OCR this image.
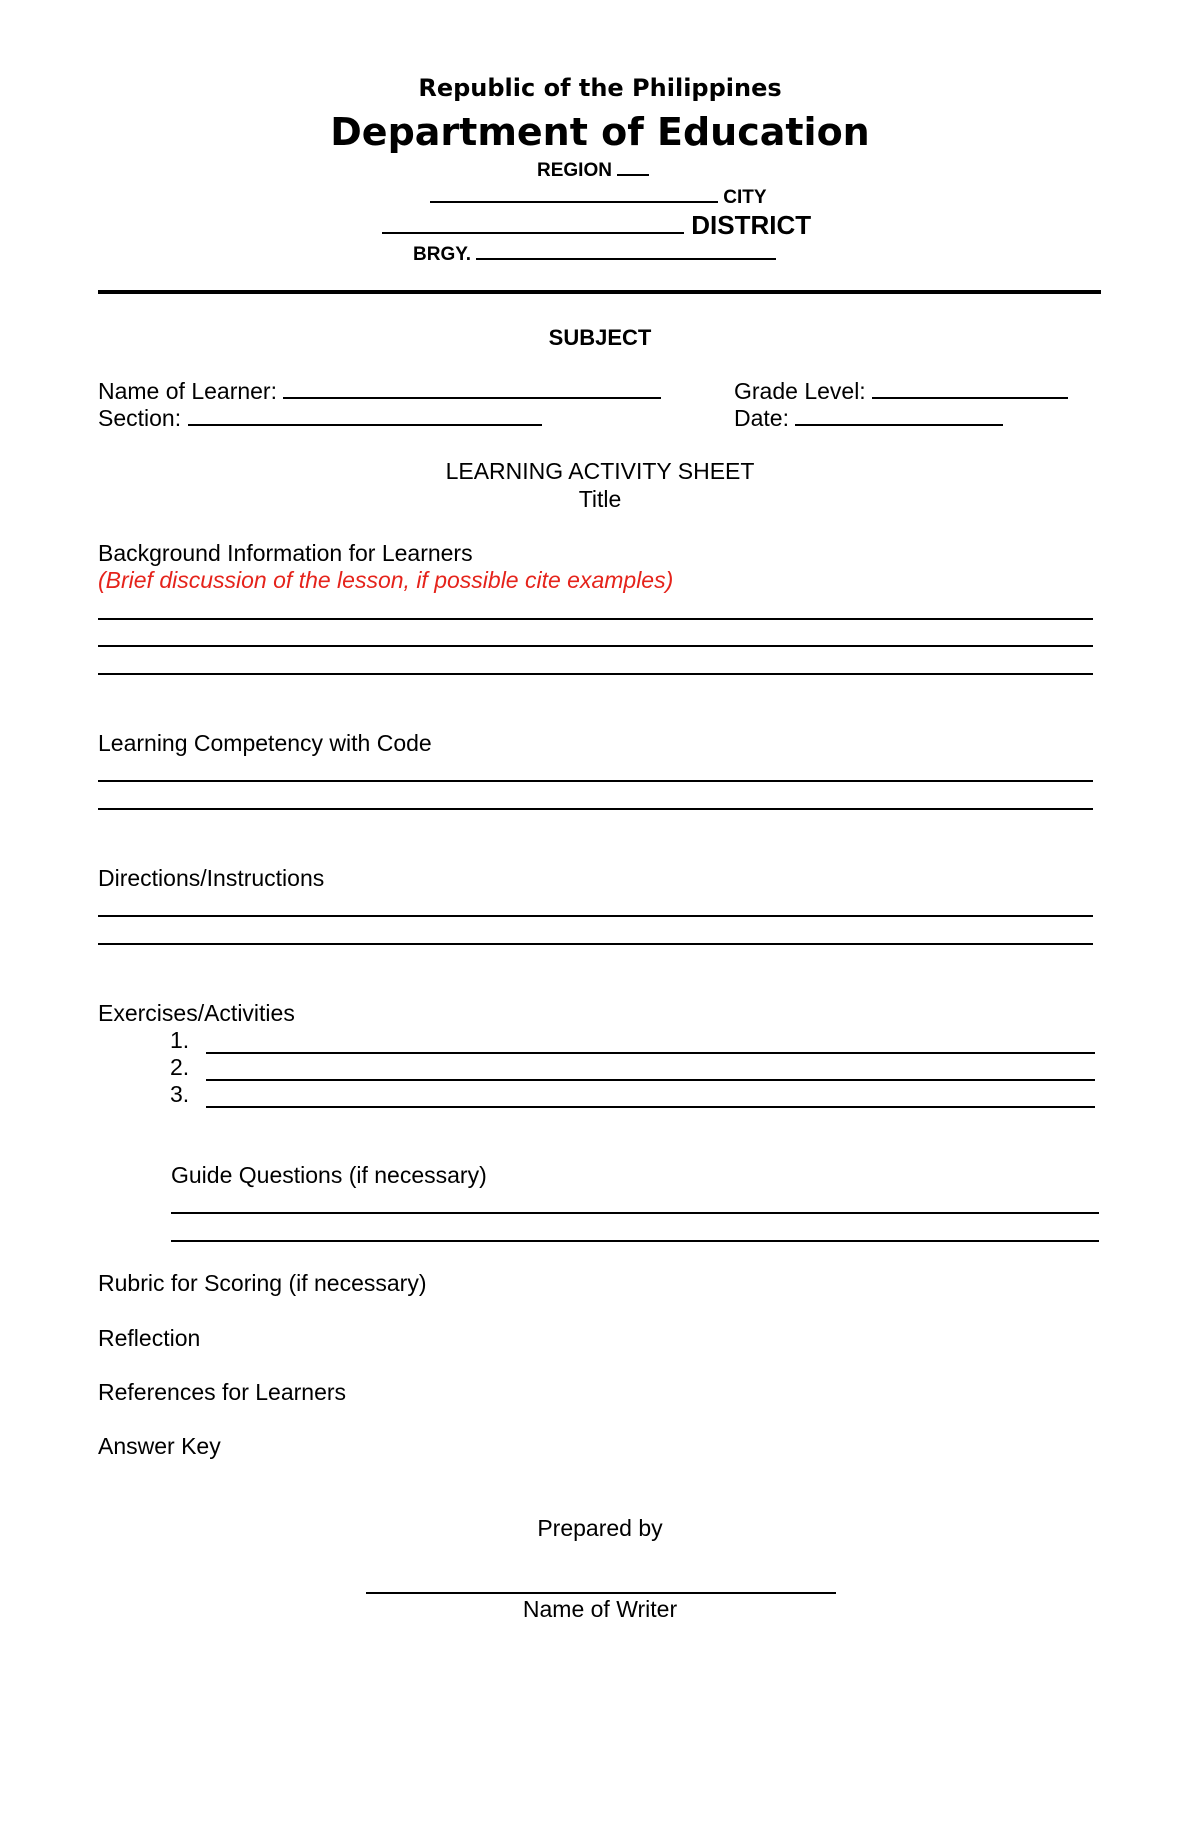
Republic of the Philippines
Department of Education
REGION
CITY
DISTRICT
BRGY.
SUBJECT
Name of Learner:	Grade Level:
Section:	Date:
LEARNING ACTIVITY SHEET
Title
Background Information for Learners
(Brief discussion of the lesson, if possible cite examples)
Learning Competency with Code
Directions/Instructions
Exercises/Activities
1.
2.
3.
Guide Questions (if necessary)
Rubric for Scoring (if necessary)
Reflection
References for Learners
Answer Key
Prepared by
Name of Writer
